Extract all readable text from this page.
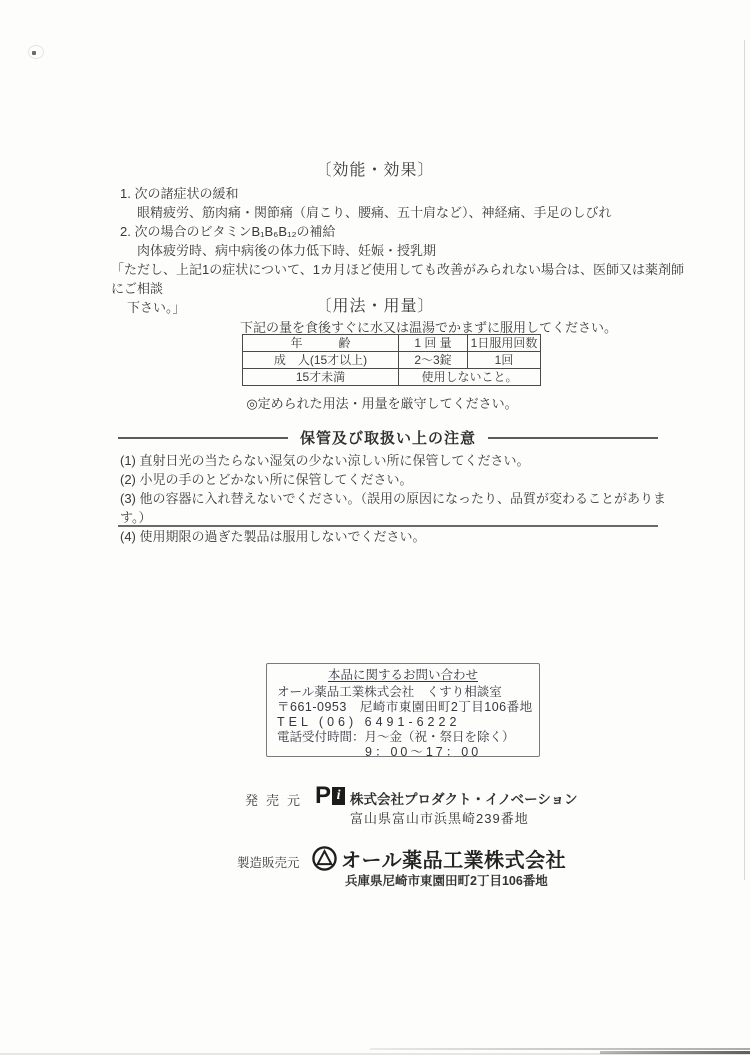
〔効能・効果〕
1. 次の諸症状の緩和
眼精疲労、筋肉痛・関節痛（肩こり、腰痛、五十肩など）、神経痛、手足のしびれ
2. 次の場合のビタミンB₁B₆B₁₂の補給
肉体疲労時、病中病後の体力低下時、妊娠・授乳期
「ただし、上記1の症状について、1カ月ほど使用しても改善がみられない場合は、医師又は薬剤師にご相談
下さい。」	〔用法・用量〕
下記の量を食後すぐに水又は温湯でかまずに服用してください。
年　　　齢	1 回 量	1日服用回数
成　人(15才以上)	2～3錠	1回
15才未満	使用しないこと。	
◎定められた用法・用量を厳守してください。
保管及び取扱い上の注意
(1) 直射日光の当たらない湿気の少ない涼しい所に保管してください。
(2) 小児の手のとどかない所に保管してください。
(3) 他の容器に入れ替えないでください。（誤用の原因になったり、品質が変わることがあります。）
(4) 使用期限の過ぎた製品は服用しないでください。
本品に関するお問い合わせ
オール薬品工業株式会社　くすり相談室
〒661-0953　尼崎市東園田町2丁目106番地
TEL (06) 6491-6222
電話受付時間：月～金（祝・祭日を除く）
9：00～17：00
発売元 P i 株式会社プロダクト・イノベーション
富山県富山市浜黒崎239番地
製造販売元 オール薬品工業株式会社
兵庫県尼崎市東園田町2丁目106番地
